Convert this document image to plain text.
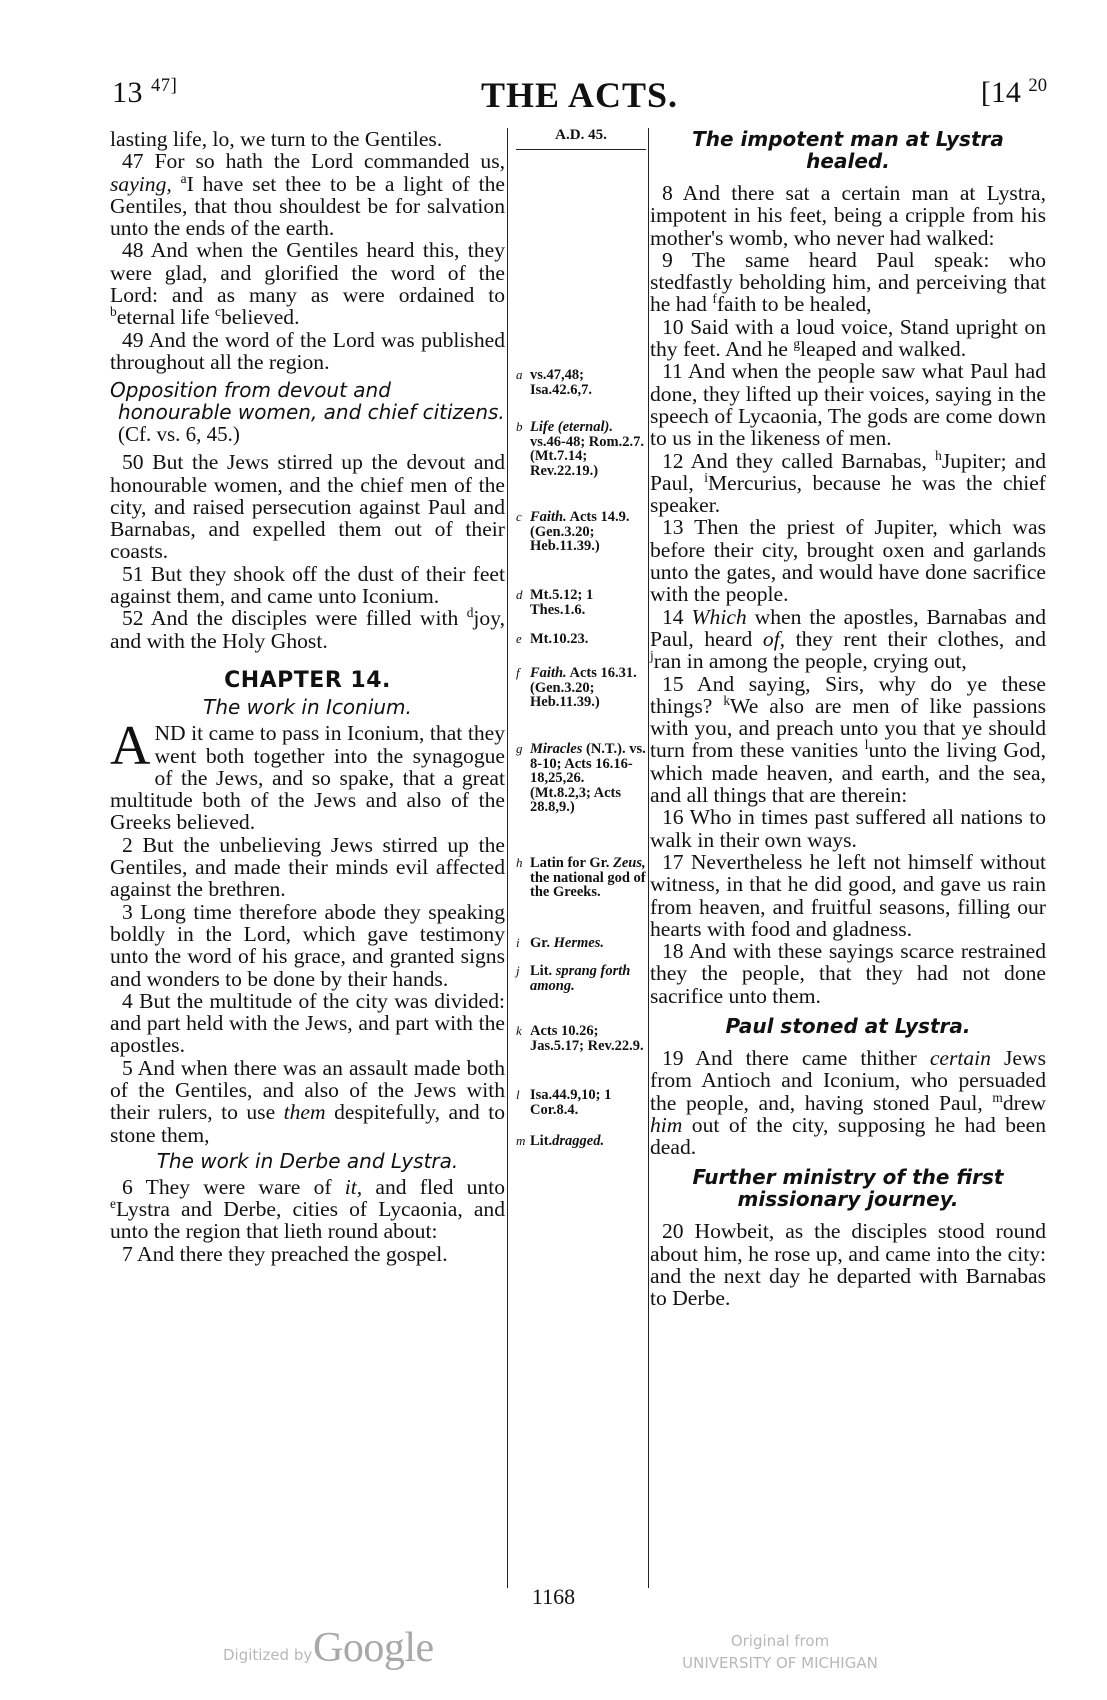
13 $^{47]}$	THE ACTS.	[14 $^{20}$

lasting life, lo, we turn to the Gentiles.

47 For so hath the Lord commanded us, saying, $^a$I have set thee to be a light of the Gentiles, that thou shouldest be for salvation unto the ends of the earth.

48 And when the Gentiles heard this, they were glad, and glorified the word of the Lord: and as many as were ordained to $^b$eternal life $^c$believed.

49 And the word of the Lord was published throughout all the region.

Opposition from devout and honourable women, and chief citizens. (Cf. vs. 6, 45.)

50 But the Jews stirred up the devout and honourable women, and the chief men of the city, and raised persecution against Paul and Barnabas, and expelled them out of their coasts.

51 But they shook off the dust of their feet against them, and came unto Iconium.

52 And the disciples were filled with $^d$joy, and with the Holy Ghost.

CHAPTER 14.
The work in Iconium.

AND it came to pass in Iconium, that they went both together into the synagogue of the Jews, and so spake, that a great multitude both of the Jews and also of the Greeks believed.

2 But the unbelieving Jews stirred up the Gentiles, and made their minds evil affected against the brethren.

3 Long time therefore abode they speaking boldly in the Lord, which gave testimony unto the word of his grace, and granted signs and wonders to be done by their hands.

4 But the multitude of the city was divided: and part held with the Jews, and part with the apostles.

5 And when there was an assault made both of the Gentiles, and also of the Jews with their rulers, to use them despitefully, and to stone them,

The work in Derbe and Lystra.

6 They were ware of it, and fled unto $^e$Lystra and Derbe, cities of Lycaonia, and unto the region that lieth round about:

7 And there they preached the gospel.

A.D. 45.
a vs.47,48; Isa.42.6,7.
b Life (eternal). vs.46-48; Rom.2.7. (Mt.7.14; Rev.22.19.)
c Faith. Acts 14.9. (Gen.3.20; Heb.11.39.)
d Mt.5.12; 1 Thes.1.6.
e Mt.10.23.
f Faith. Acts 16.31. (Gen.3.20; Heb.11.39.)
g Miracles (N.T.). vs. 8-10; Acts 16.16-18,25,26. (Mt.8.2,3; Acts 28.8,9.)
h Latin for Gr. Zeus, the national god of the Greeks.
i Gr. Hermes.
j Lit. sprang forth among.
k Acts 10.26; Jas.5.17; Rev.22.9.
l Isa.44.9,10; 1 Cor.8.4.
m Lit.dragged.
The impotent man at Lystra healed.

8 And there sat a certain man at Lystra, impotent in his feet, being a cripple from his mother's womb, who never had walked:

9 The same heard Paul speak: who stedfastly beholding him, and perceiving that he had $^f$faith to be healed,

10 Said with a loud voice, Stand upright on thy feet. And he $^g$leaped and walked.

11 And when the people saw what Paul had done, they lifted up their voices, saying in the speech of Lycaonia, The gods are come down to us in the likeness of men.

12 And they called Barnabas, $^h$Jupiter; and Paul, $^i$Mercurius, because he was the chief speaker.

13 Then the priest of Jupiter, which was before their city, brought oxen and garlands unto the gates, and would have done sacrifice with the people.

14 Which when the apostles, Barnabas and Paul, heard of, they rent their clothes, and $^j$ran in among the people, crying out,

15 And saying, Sirs, why do ye these things? $^k$We also are men of like passions with you, and preach unto you that ye should turn from these vanities $^l$unto the living God, which made heaven, and earth, and the sea, and all things that are therein:

16 Who in times past suffered all nations to walk in their own ways.

17 Nevertheless he left not himself without witness, in that he did good, and gave us rain from heaven, and fruitful seasons, filling our hearts with food and gladness.

18 And with these sayings scarce restrained they the people, that they had not done sacrifice unto them.

Paul stoned at Lystra.

19 And there came thither certain Jews from Antioch and Iconium, who persuaded the people, and, having stoned Paul, $^m$drew him out of the city, supposing he had been dead.

Further ministry of the first missionary journey.

20 Howbeit, as the disciples stood round about him, he rose up, and came into the city: and the next day he departed with Barnabas to Derbe.

1168
Digitized by Google	Original from
UNIVERSITY OF MICHIGAN
